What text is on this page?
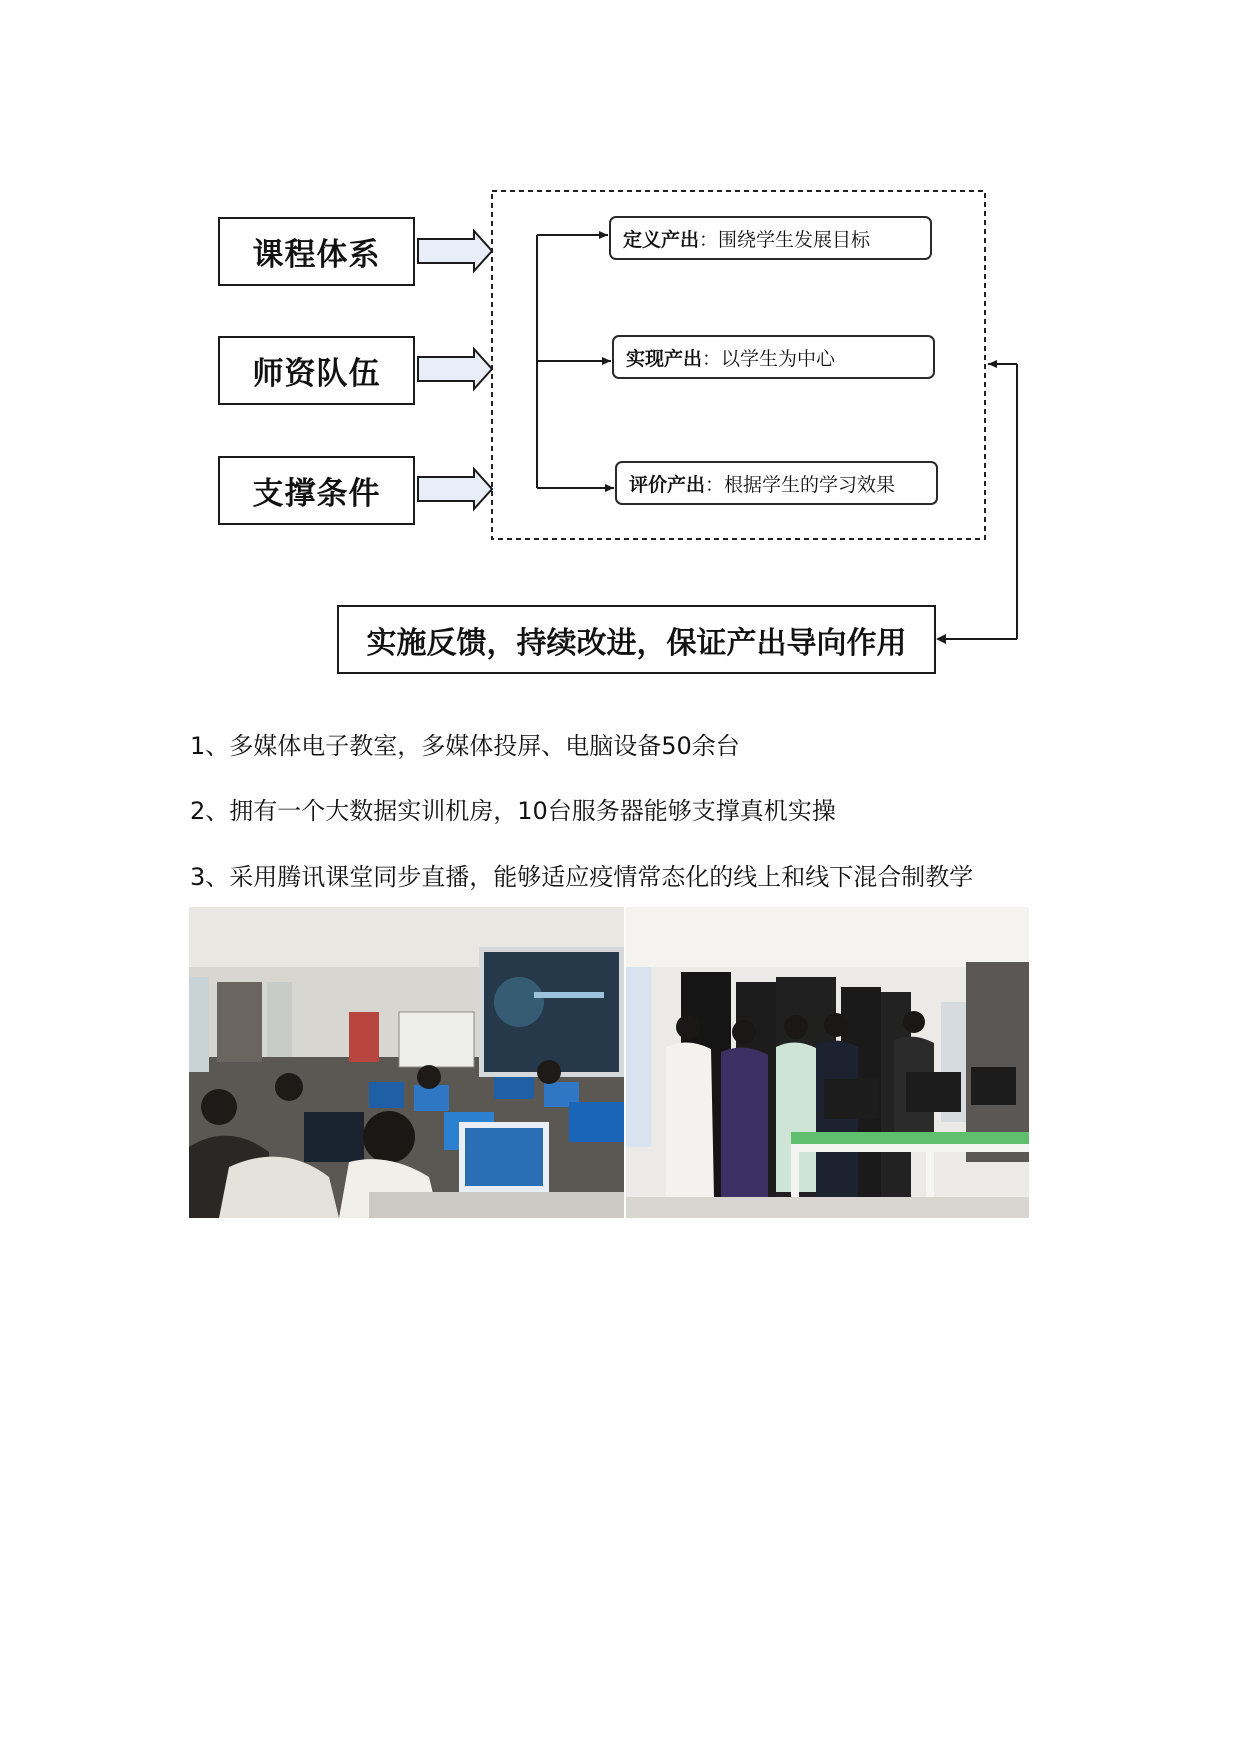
课程体系
师资队伍
支撑条件
定义产出 ：围绕学生发展目标
实现产出 ：以学生为中心
评价产出 ：根据学生的学习效果
实施反馈，持续改进，保证产出导向作用
1、多媒体电子教室，多媒体投屏、电脑设备50余台
2、拥有一个大数据实训机房，10台服务器能够支撑真机实操
3、采用腾讯课堂同步直播，能够适应疫情常态化的线上和线下混合制教学
